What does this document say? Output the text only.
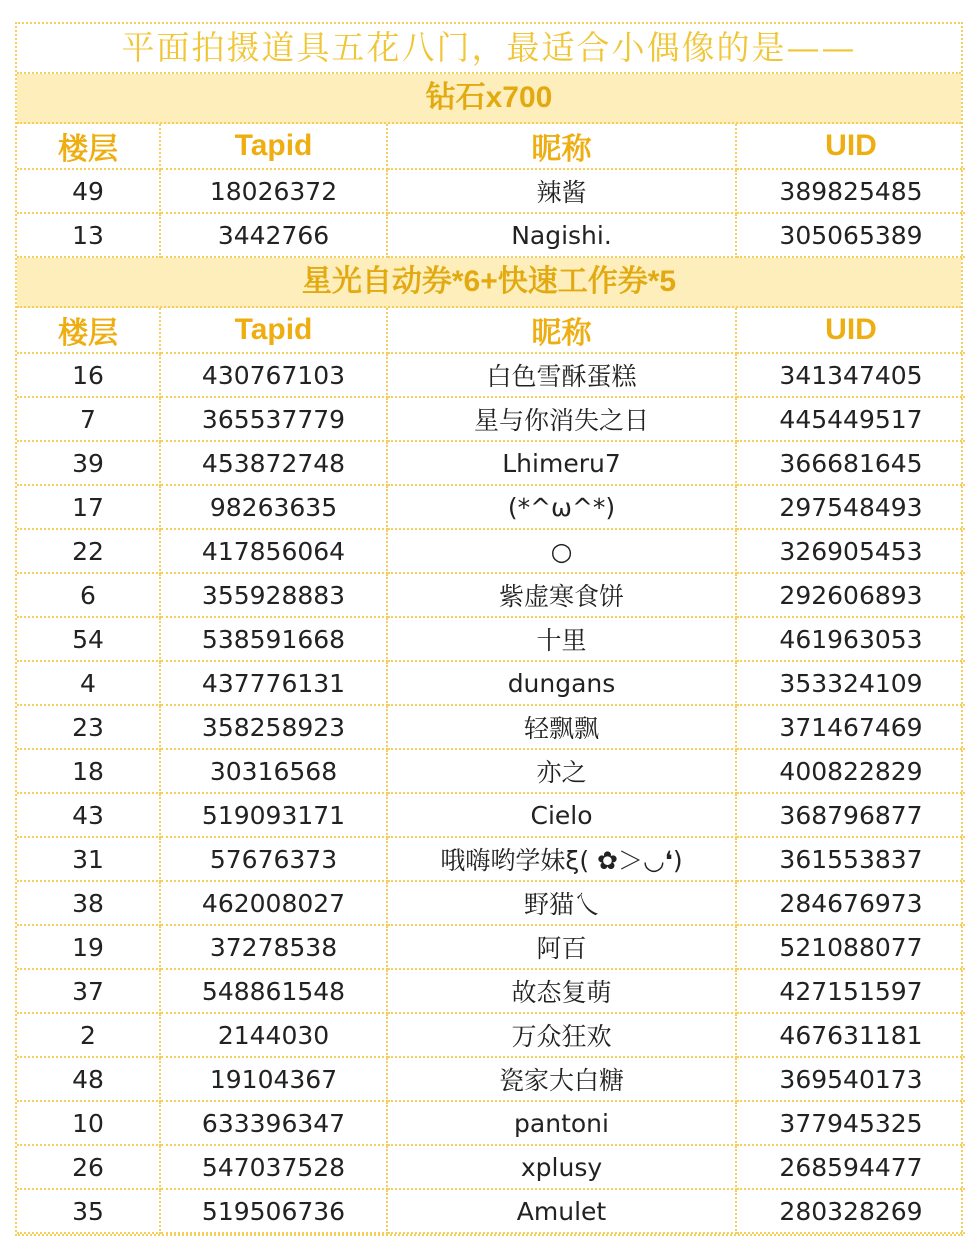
平面拍摄道具五花八门，最适合小偶像的是——
钻石x700
楼层	Tapid	昵称	UID
49	18026372	辣酱	389825485
13	3442766	Nagishi.	305065389
星光自动券*6+快速工作券*5
楼层	Tapid	昵称	UID
16	430767103	白色雪酥蛋糕	341347405
7	365537779	星与你消失之日	445449517
39	453872748	Lhimeru7	366681645
17	98263635	(*^ω^*)	297548493
22	417856064	○	326905453
6	355928883	紫虚寒食饼	292606893
54	538591668	十里	461963053
4	437776131	dungans	353324109
23	358258923	轻飘飘	371467469
18	30316568	亦之	400822829
43	519093171	Cielo	368796877
31	57676373	哦嗨哟学妹ξ( ✿＞◡❛)	361553837
38	462008027	野猫乀	284676973
19	37278538	阿百	521088077
37	548861548	故态复萌	427151597
2	2144030	万众狂欢	467631181
48	19104367	瓷家大白糖	369540173
10	633396347	pantoni	377945325
26	547037528	xplusy	268594477
35	519506736	Amulet	280328269
